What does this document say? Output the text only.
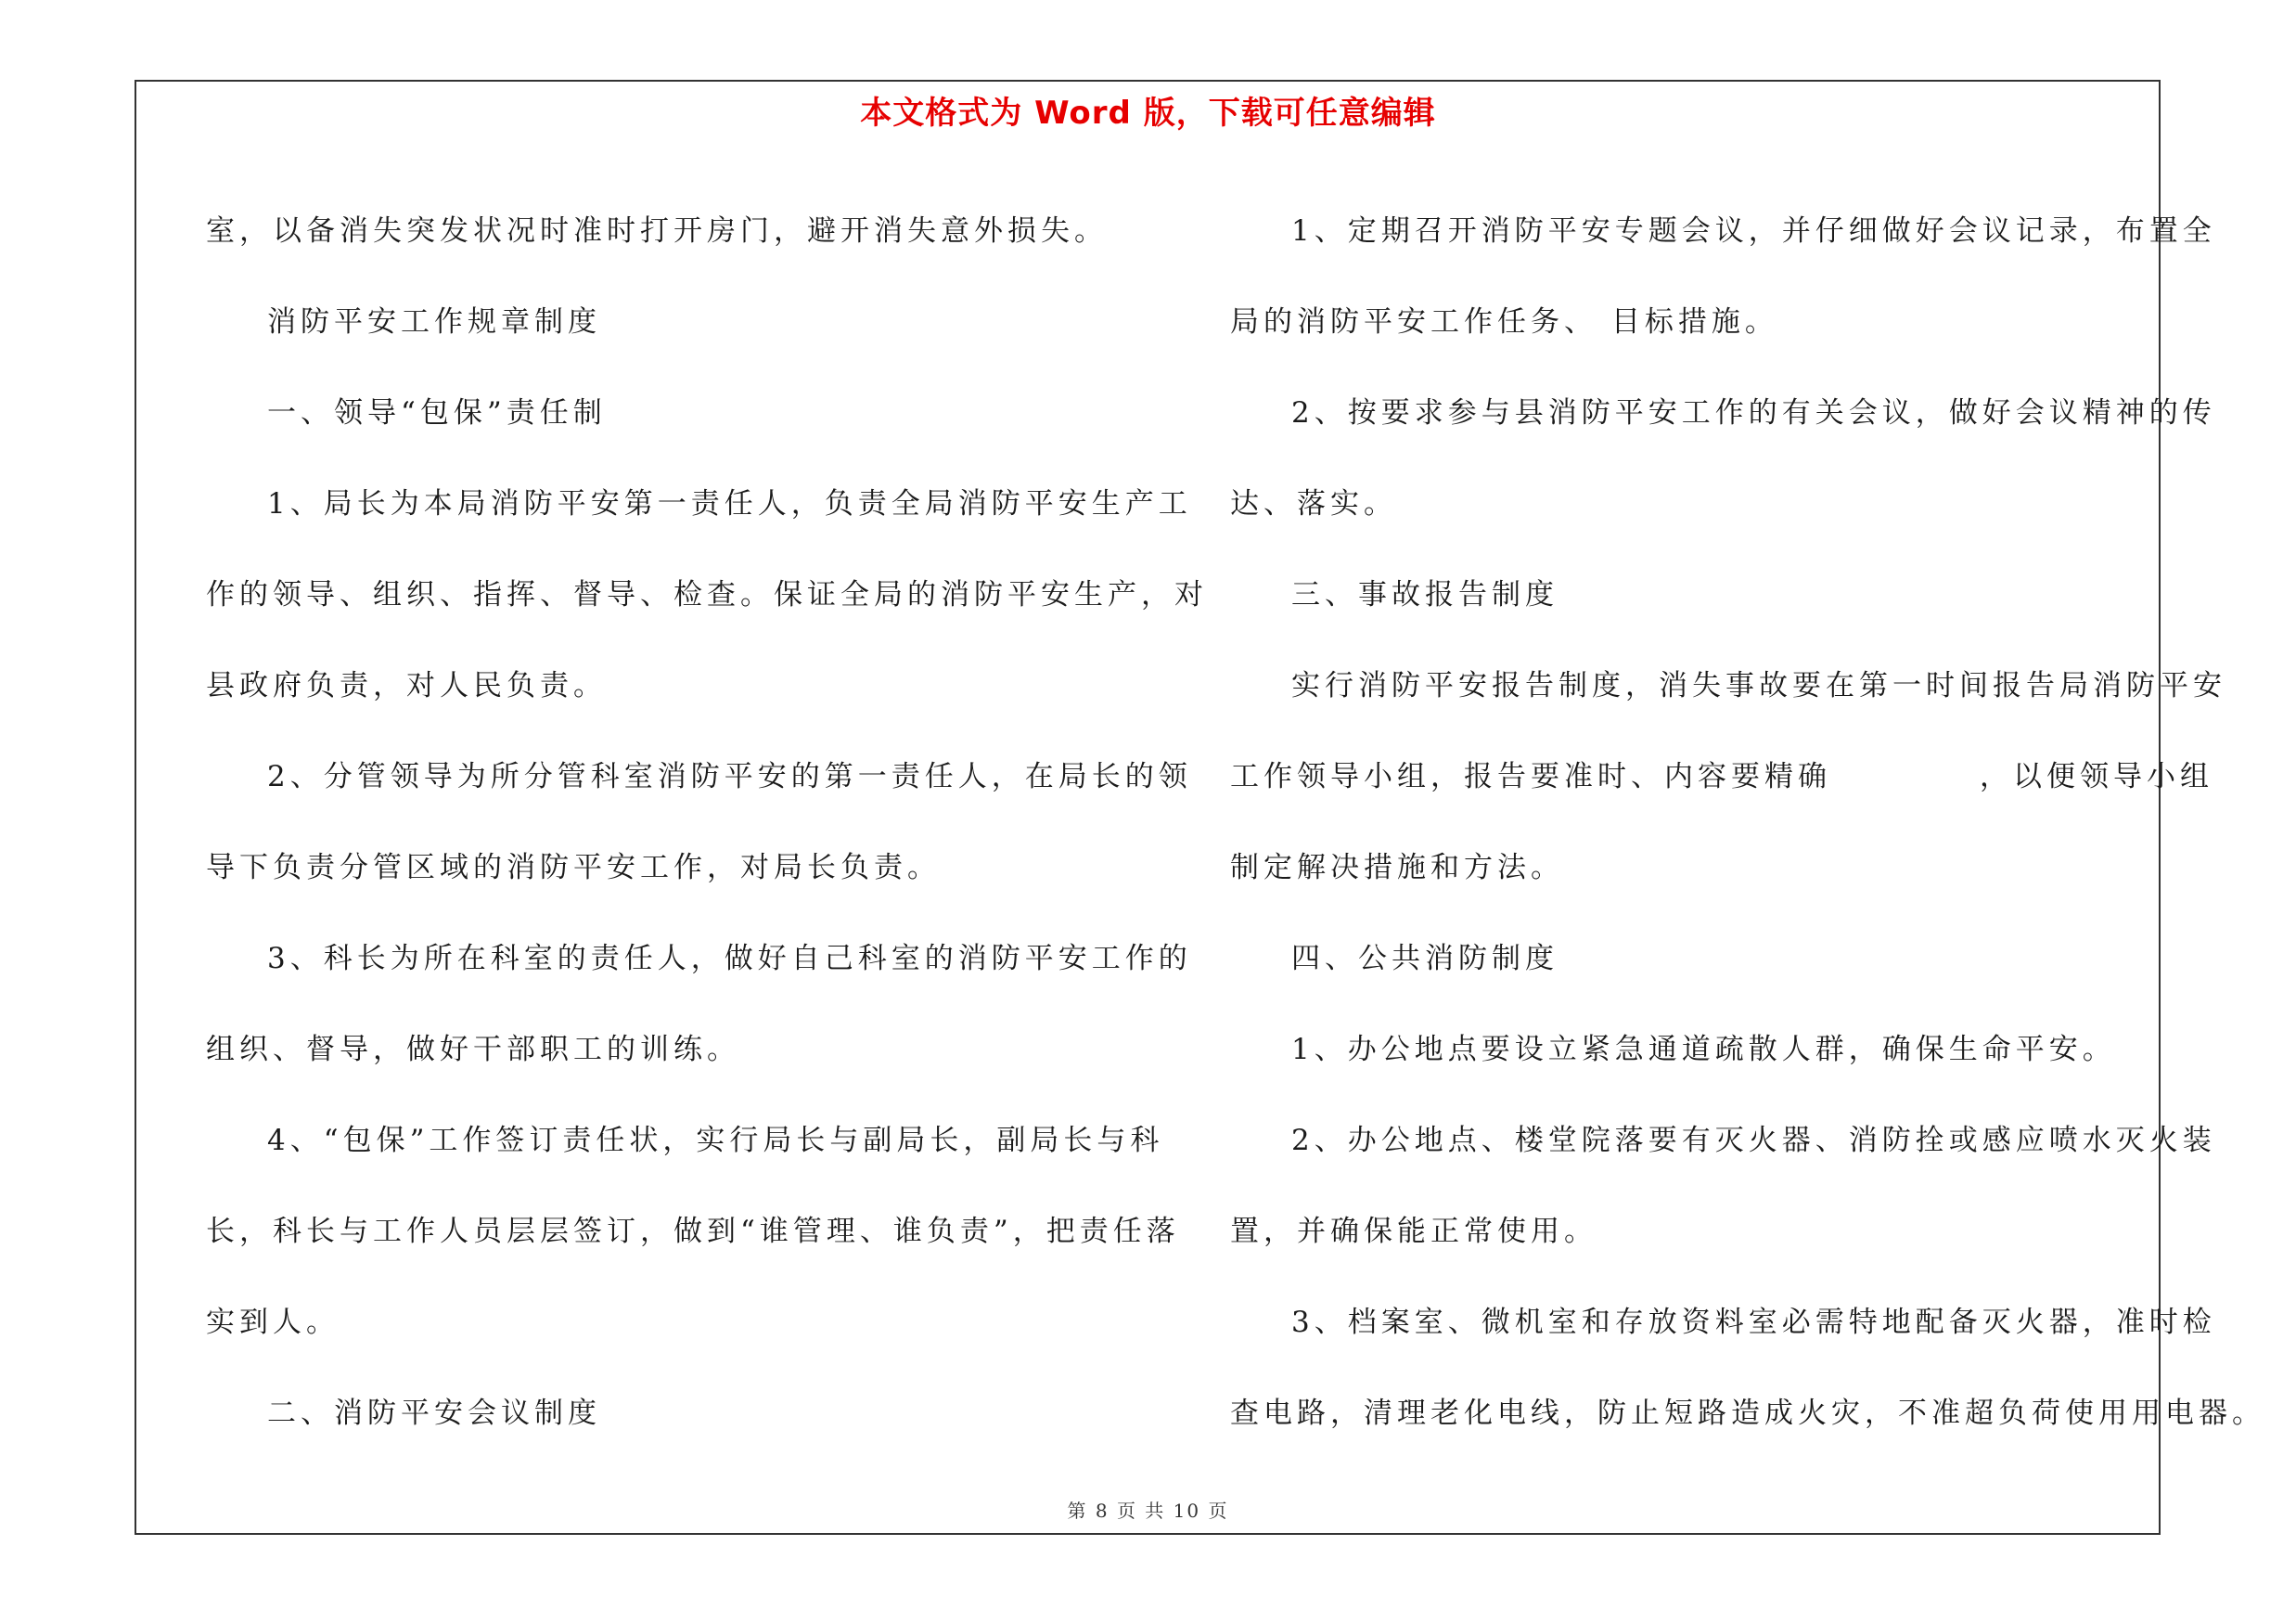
本文格式为 Word 版，下载可任意编辑

室，以备消失突发状况时准时打开房门，避开消失意外损失。

消防平安工作规章制度

一、领导“包保”责任制

1、局长为本局消防平安第一责任人，负责全局消防平安生产工

作的领导、组织、指挥、督导、检查。保证全局的消防平安生产，对

县政府负责，对人民负责。

2、分管领导为所分管科室消防平安的第一责任人，在局长的领

导下负责分管区域的消防平安工作，对局长负责。

3、科长为所在科室的责任人，做好自己科室的消防平安工作的

组织、督导，做好干部职工的训练。

4、“包保”工作签订责任状，实行局长与副局长，副局长与科

长，科长与工作人员层层签订，做到“谁管理、谁负责”，把责任落

实到人。

二、消防平安会议制度

1、定期召开消防平安专题会议，并仔细做好会议记录，布置全

局的消防平安工作任务、 目标措施。

2、按要求参与县消防平安工作的有关会议，做好会议精神的传

达、落实。

三、事故报告制度

实行消防平安报告制度，消失事故要在第一时间报告局消防平安

工作领导小组，报告要准时、内容要精确	，以便领导小组

制定解决措施和方法。

四、公共消防制度

1、办公地点要设立紧急通道疏散人群，确保生命平安。

2、办公地点、楼堂院落要有灭火器、消防拴或感应喷水灭火装

置，并确保能正常使用。

3、档案室、微机室和存放资料室必需特地配备灭火器，准时检

查电路，清理老化电线，防止短路造成火灾，不准超负荷使用用电器。

第 8 页 共 10 页
